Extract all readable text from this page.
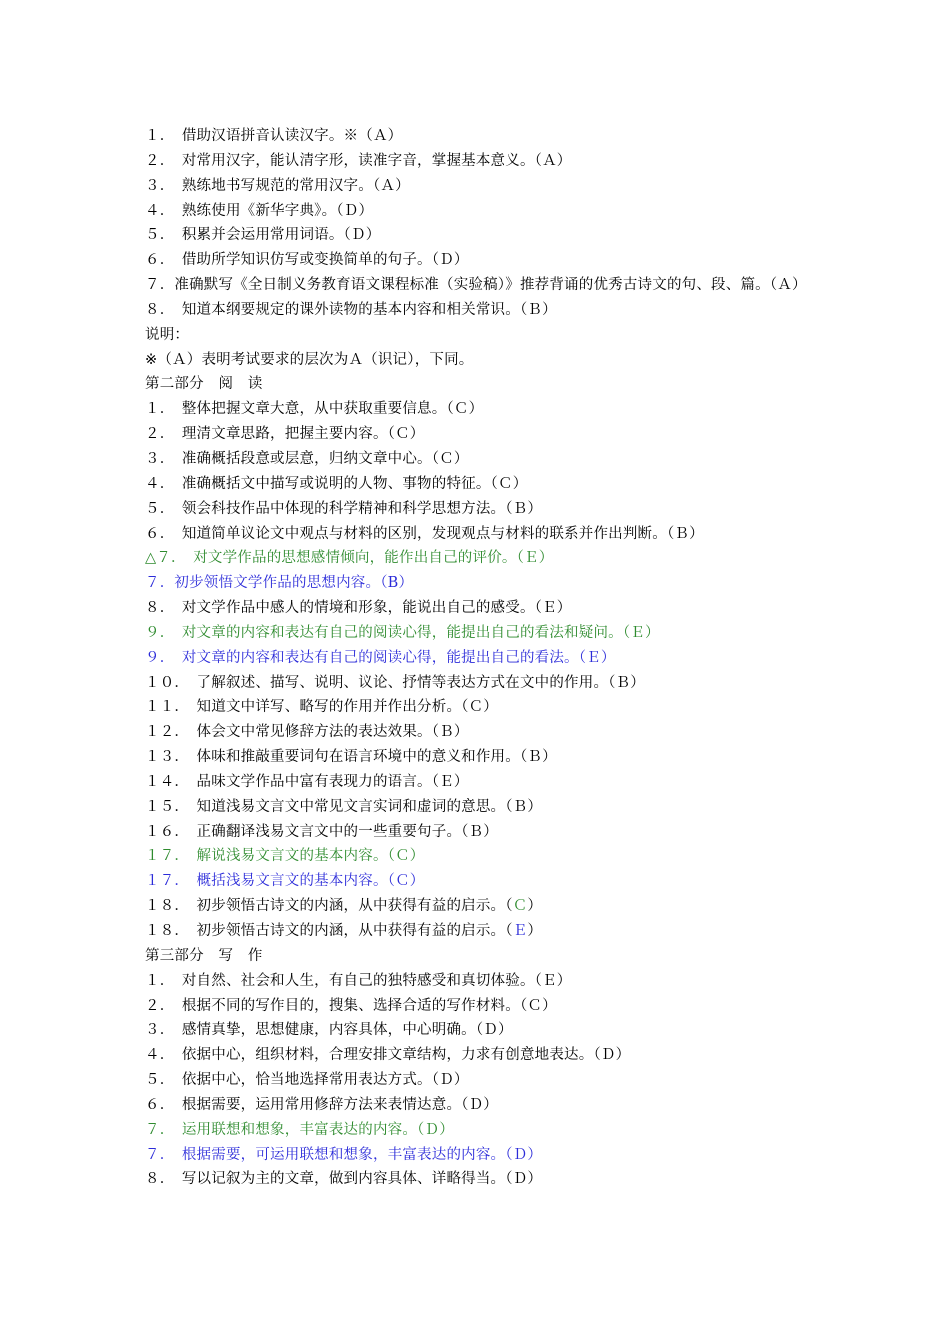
１．　借助汉语拼音认读汉字。※（Ａ）
２．　对常用汉字，能认清字形，读准字音，掌握基本意义。（Ａ）
３．　熟练地书写规范的常用汉字。（Ａ）
４．　熟练使用《新华字典》。（Ｄ）
５．　积累并会运用常用词语。（Ｄ）
６．　借助所学知识仿写或变换简单的句子。（Ｄ）
７．准确默写《全日制义务教育语文课程标准（实验稿）》推荐背诵的优秀古诗文的句、段、篇。（Ａ）
８．　知道本纲要规定的课外读物的基本内容和相关常识。（Ｂ）
说明：
※（Ａ）表明考试要求的层次为Ａ（识记），下同。
第二部分　阅　读
１．　整体把握文章大意，从中获取重要信息。（Ｃ）
２．　理清文章思路，把握主要内容。（Ｃ）
３．　准确概括段意或层意，归纳文章中心。（Ｃ）
４．　准确概括文中描写或说明的人物、事物的特征。（Ｃ）
５．　领会科技作品中体现的科学精神和科学思想方法。（Ｂ）
６．　知道简单议论文中观点与材料的区别，发现观点与材料的联系并作出判断。（Ｂ）
△７．　对文学作品的思想感情倾向，能作出自己的评价。（Ｅ）
７．初步领悟文学作品的思想内容。（B）
８．　对文学作品中感人的情境和形象，能说出自己的感受。（Ｅ）
９．　对文章的内容和表达有自己的阅读心得，能提出自己的看法和疑问。（Ｅ）
９．　对文章的内容和表达有自己的阅读心得，能提出自己的看法。（Ｅ）
１０．　了解叙述、描写、说明、议论、抒情等表达方式在文中的作用。（Ｂ）
１１．　知道文中详写、略写的作用并作出分析。（Ｃ）
１２．　体会文中常见修辞方法的表达效果。（Ｂ）
１３．　体味和推敲重要词句在语言环境中的意义和作用。（Ｂ）
１４．　品味文学作品中富有表现力的语言。（Ｅ）
１５．　知道浅易文言文中常见文言实词和虚词的意思。（Ｂ）
１６．　正确翻译浅易文言文中的一些重要句子。（Ｂ）
１７．　解说浅易文言文的基本内容。（Ｃ）
１７．　概括浅易文言文的基本内容。（Ｃ）
１８．　初步领悟古诗文的内涵，从中获得有益的启示。（Ｃ）
１８．　初步领悟古诗文的内涵，从中获得有益的启示。（Ｅ）
第三部分　写　作
１．　对自然、社会和人生，有自己的独特感受和真切体验。（Ｅ）
２．　根据不同的写作目的，搜集、选择合适的写作材料。（Ｃ）
３．　感情真挚，思想健康，内容具体，中心明确。（Ｄ）
４．　依据中心，组织材料，合理安排文章结构，力求有创意地表达。（Ｄ）
５．　依据中心，恰当地选择常用表达方式。（Ｄ）
６．　根据需要，运用常用修辞方法来表情达意。（Ｄ）
７．　运用联想和想象，丰富表达的内容。（Ｄ）
７．　根据需要，可运用联想和想象，丰富表达的内容。（Ｄ）
８．　写以记叙为主的文章，做到内容具体、详略得当。（Ｄ）
